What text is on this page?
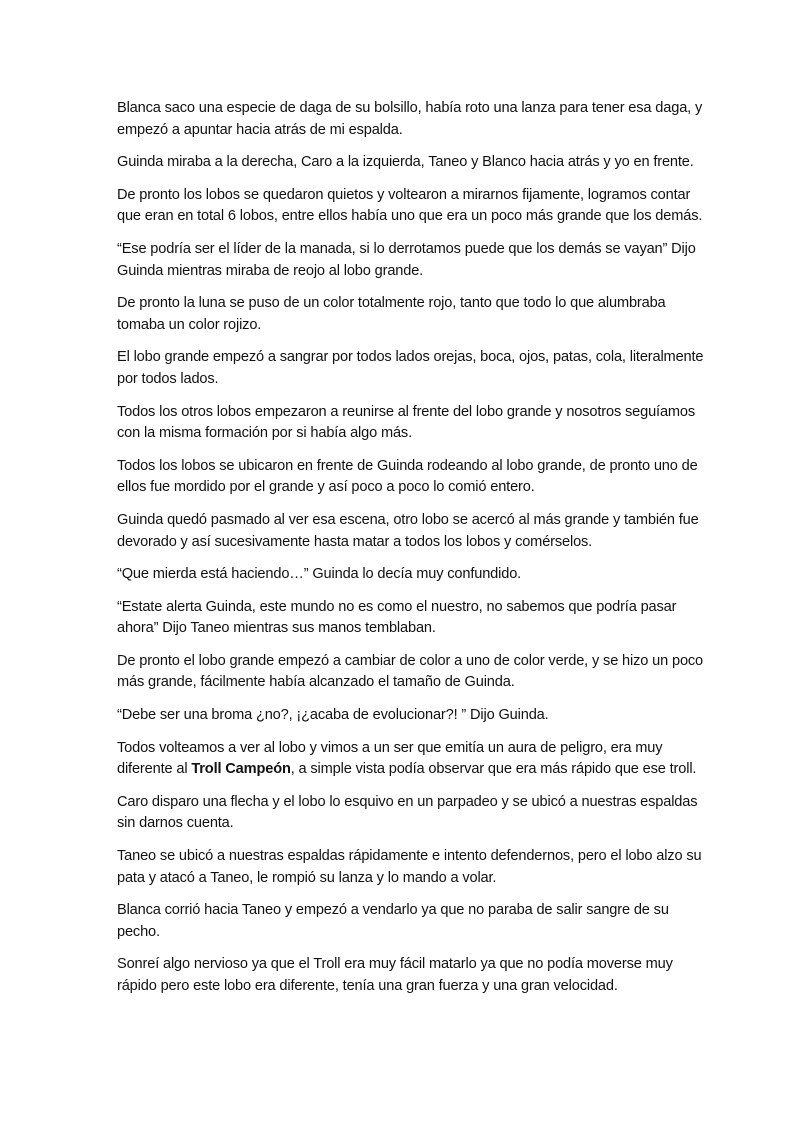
Blanca saco una especie de daga de su bolsillo, había roto una lanza para tener esa daga, y empezó a apuntar hacia atrás de mi espalda.

Guinda miraba a la derecha, Caro a la izquierda, Taneo y Blanco hacia atrás y yo en frente.

De pronto los lobos se quedaron quietos y voltearon a mirarnos fijamente, logramos contar que eran en total 6 lobos, entre ellos había uno que era un poco más grande que los demás.

“Ese podría ser el líder de la manada, si lo derrotamos puede que los demás se vayan” Dijo Guinda mientras miraba de reojo al lobo grande.

De pronto la luna se puso de un color totalmente rojo, tanto que todo lo que alumbraba tomaba un color rojizo.

El lobo grande empezó a sangrar por todos lados orejas, boca, ojos, patas, cola, literalmente por todos lados.

Todos los otros lobos empezaron a reunirse al frente del lobo grande y nosotros seguíamos con la misma formación por si había algo más.

Todos los lobos se ubicaron en frente de Guinda rodeando al lobo grande, de pronto uno de ellos fue mordido por el grande y así poco a poco lo comió entero.

Guinda quedó pasmado al ver esa escena, otro lobo se acercó al más grande y también fue devorado y así sucesivamente hasta matar a todos los lobos y comérselos.

“Que mierda está haciendo…” Guinda lo decía muy confundido.

“Estate alerta Guinda, este mundo no es como el nuestro, no sabemos que podría pasar ahora” Dijo Taneo mientras sus manos temblaban.

De pronto el lobo grande empezó a cambiar de color a uno de color verde, y se hizo un poco más grande, fácilmente había alcanzado el tamaño de Guinda.

“Debe ser una broma ¿no?, ¡¿acaba de evolucionar?! ” Dijo Guinda.

Todos volteamos a ver al lobo y vimos a un ser que emitía un aura de peligro, era muy diferente al Troll Campeón, a simple vista podía observar que era más rápido que ese troll.

Caro disparo una flecha y el lobo lo esquivo en un parpadeo y se ubicó a nuestras espaldas sin darnos cuenta.

Taneo se ubicó a nuestras espaldas rápidamente e intento defendernos, pero el lobo alzo su pata y atacó a Taneo, le rompió su lanza y lo mando a volar.

Blanca corrió hacia Taneo y empezó a vendarlo ya que no paraba de salir sangre de su pecho.

Sonreí algo nervioso ya que el Troll era muy fácil matarlo ya que no podía moverse muy rápido pero este lobo era diferente, tenía una gran fuerza y una gran velocidad.
